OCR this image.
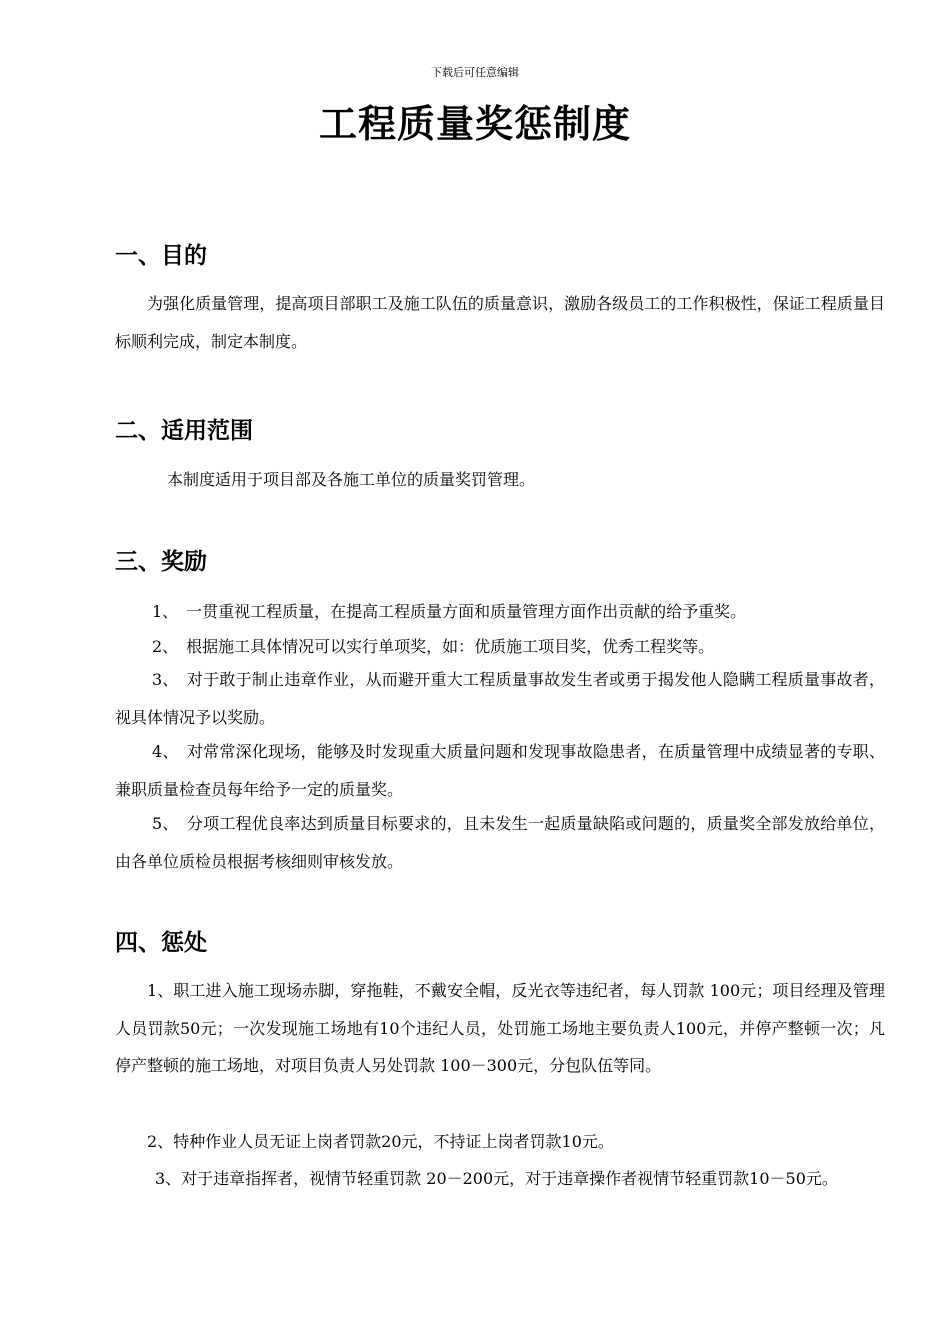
下载后可任意编辑
工程质量奖惩制度
一、目的

为强化质量管理，提高项目部职工及施工队伍的质量意识，激励各级员工的工作积极性，保证工程质量目标顺利完成，制定本制度。

二、适用范围

本制度适用于项目部及各施工单位的质量奖罚管理。

三、奖励

1、　一贯重视工程质量，在提高工程质量方面和质量管理方面作出贡献的给予重奖。

2、　根据施工具体情况可以实行单项奖，如：优质施工项目奖，优秀工程奖等。

3、　对于敢于制止违章作业，从而避开重大工程质量事故发生者或勇于揭发他人隐瞒工程质量事故者，视具体情况予以奖励。

4、　对常常深化现场，能够及时发现重大质量问题和发现事故隐患者，在质量管理中成绩显著的专职、兼职质量检查员每年给予一定的质量奖。

5、　分项工程优良率达到质量目标要求的，且未发生一起质量缺陷或问题的，质量奖全部发放给单位，由各单位质检员根据考核细则审核发放。

四、惩处

1、职工进入施工现场赤脚，穿拖鞋，不戴安全帽，反光衣等违纪者，每人罚款 100元；项目经理及管理人员罚款50元；一次发现施工场地有10个违纪人员，处罚施工场地主要负责人100元，并停产整顿一次；凡停产整顿的施工场地，对项目负责人另处罚款 100－300元，分包队伍等同。

2、特种作业人员无证上岗者罚款20元，不持证上岗者罚款10元。

3、对于违章指挥者，视情节轻重罚款 20－200元，对于违章操作者视情节轻重罚款10－50元。
